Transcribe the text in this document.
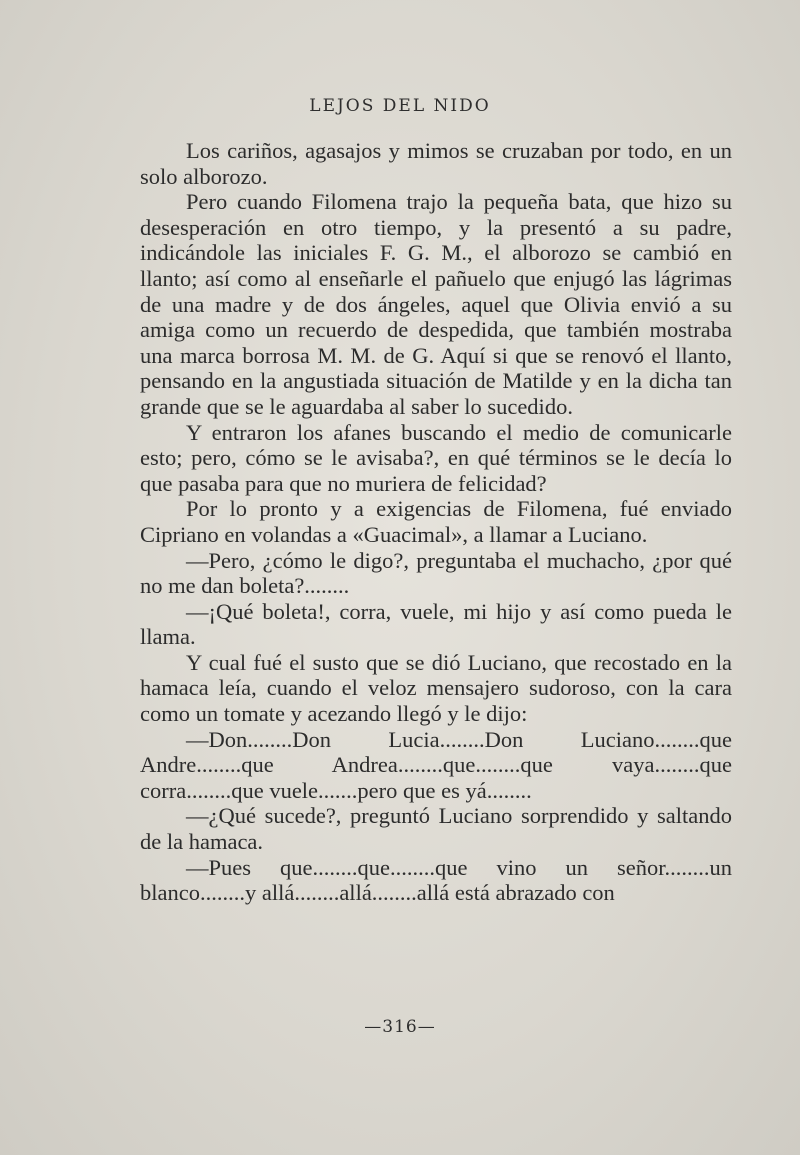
LEJOS DEL NIDO

Los cariños, agasajos y mimos se cruzaban por todo, en un solo alborozo.

Pero cuando Filomena trajo la pequeña bata, que hizo su desesperación en otro tiempo, y la presentó a su padre, indicándole las iniciales F. G. M., el alborozo se cambió en llanto; así como al enseñarle el pañuelo que enjugó las lágrimas de una madre y de dos ángeles, aquel que Olivia envió a su amiga como un recuerdo de despedida, que también mostraba una marca borrosa M. M. de G. Aquí si que se renovó el llanto, pensando en la angustiada situación de Matilde y en la dicha tan grande que se le aguardaba al saber lo sucedido.

Y entraron los afanes buscando el medio de comunicarle esto; pero, cómo se le avisaba?, en qué términos se le decía lo que pasaba para que no muriera de felicidad?

Por lo pronto y a exigencias de Filomena, fué enviado Cipriano en volandas a «Guacimal», a llamar a Luciano.

—Pero, ¿cómo le digo?, preguntaba el muchacho, ¿por qué no me dan boleta?........

—¡Qué boleta!, corra, vuele, mi hijo y así como pueda le llama.

Y cual fué el susto que se dió Luciano, que recostado en la hamaca leía, cuando el veloz mensajero sudoroso, con la cara como un tomate y acezando llegó y le dijo:

—Don........Don Lucia........Don Luciano........que Andre........que Andrea........que........que vaya........que corra........que vuele.......pero que es yá........

—¿Qué sucede?, preguntó Luciano sorprendido y saltando de la hamaca.

—Pues que........que........que vino un señor........un blanco........y allá........allá........allá está abrazado con

—316—
